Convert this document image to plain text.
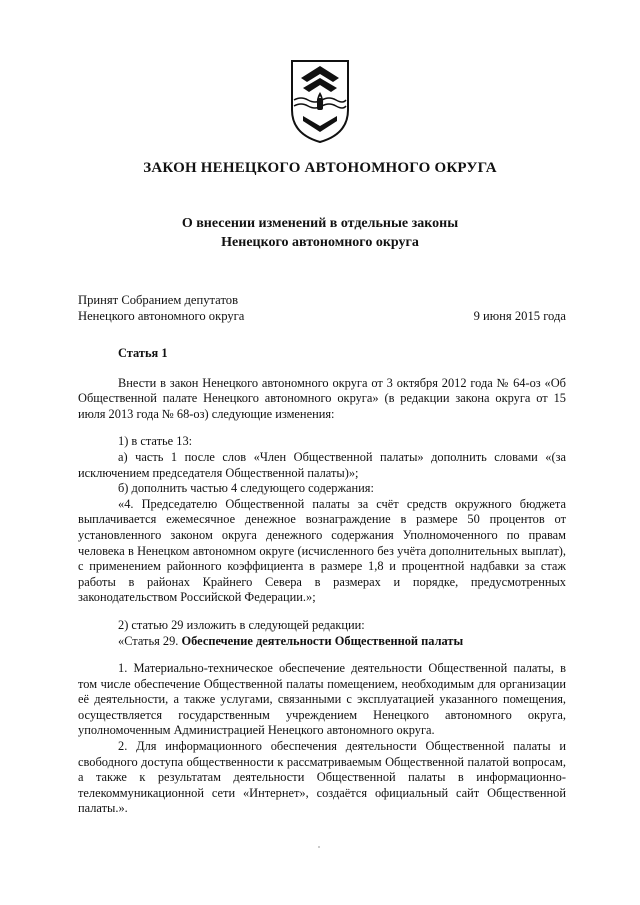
ЗАКОН НЕНЕЦКОГО АВТОНОМНОГО ОКРУГА
О внесении изменений в отдельные законы
Ненецкого автономного округа
Принят Собранием депутатов
Ненецкого автономного округа	9 июня 2015 года

Статья 1

Внести в закон Ненецкого автономного округа от 3 октября 2012 года № 64-оз «Об Общественной палате Ненецкого автономного округа» (в редакции закона округа от 15 июля 2013 года № 68-оз) следующие изменения:

1) в статье 13:

а) часть 1 после слов «Член Общественной палаты» дополнить словами «(за исключением председателя Общественной палаты)»;

б) дополнить частью 4 следующего содержания:

«4. Председателю Общественной палаты за счёт средств окружного бюджета выплачивается ежемесячное денежное вознаграждение в размере 50 процентов от установленного законом округа денежного содержания Уполномоченного по правам человека в Ненецком автономном округе (исчисленного без учёта дополнительных выплат), с применением районного коэффициента в размере 1,8 и процентной надбавки за стаж работы в районах Крайнего Севера в размерах и порядке, предусмотренных законодательством Российской Федерации.»;

2) статью 29 изложить в следующей редакции:

«Статья 29. Обеспечение деятельности Общественной палаты

1. Материально-техническое обеспечение деятельности Общественной палаты, в том числе обеспечение Общественной палаты помещением, необходимым для организации её деятельности, а также услугами, связанными с эксплуатацией указанного помещения, осуществляется государственным учреждением Ненецкого автономного округа, уполномоченным Администрацией Ненецкого автономного округа.

2. Для информационного обеспечения деятельности Общественной палаты и свободного доступа общественности к рассматриваемым Общественной палатой вопросам, а также к результатам деятельности Общественной палаты в информационно-телекоммуникационной сети «Интернет», создаётся официальный сайт Общественной палаты.».
